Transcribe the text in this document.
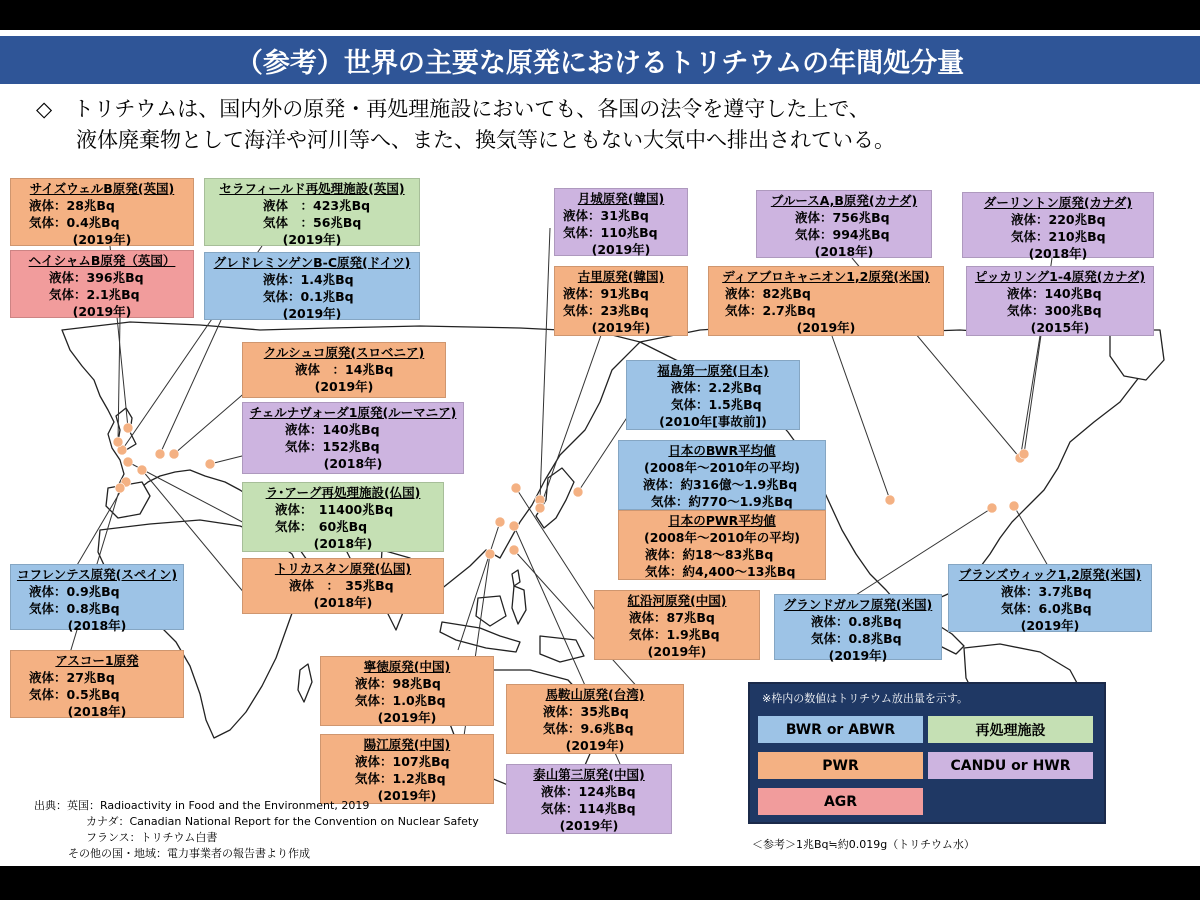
（参考）世界の主要な原発におけるトリチウムの年間処分量
◇ トリチウムは、国内外の原発・再処理施設においても、各国の法令を遵守した上で、
液体廃棄物として海洋や河川等へ、また、換気等にともない大気中へ排出されている。
サイズウェルB原発(英国)
液体：28兆Bq
気体：0.4兆Bq
(2019年)
セラフィールド再処理施設(英国)
液体　：423兆Bq
気体　：56兆Bq
(2019年)
ヘイシャムB原発（英国）
液体：396兆Bq
気体：2.1兆Bq
(2019年)
グレドレミンゲンB-C原発(ドイツ)
液体：1.4兆Bq
気体：0.1兆Bq
(2019年)
クルシュコ原発(スロベニア)
液体　：14兆Bq
(2019年)
チェルナヴォーダ1原発(ルーマニア)
液体：140兆Bq
気体：152兆Bq
(2018年)
ラ･アーグ再処理施設(仏国)
液体：　11400兆Bq
気体：　60兆Bq
(2018年)
トリカスタン原発(仏国)
液体　：　35兆Bq
(2018年)
コフレンテス原発(スペイン)
液体：0.9兆Bq
気体：0.8兆Bq
(2018年)
アスコー1原発
液体：27兆Bq
気体：0.5兆Bq
(2018年)
月城原発(韓国)
液体：31兆Bq
気体：110兆Bq
(2019年)
古里原発(韓国)
液体：91兆Bq
気体：23兆Bq
(2019年)
福島第一原発(日本)
液体：2.2兆Bq
気体：1.5兆Bq
(2010年[事故前])
日本のBWR平均値
(2008年～2010年の平均)
液体：約316億～1.9兆Bq
気体：約770～1.9兆Bq
日本のPWR平均値
(2008年～2010年の平均)
液体：約18～83兆Bq
気体：約4,400～13兆Bq
紅沿河原発(中国)
液体：87兆Bq
気体：1.9兆Bq
(2019年)
寧徳原発(中国)
液体：98兆Bq
気体：1.0兆Bq
(2019年)
陽江原発(中国)
液体：107兆Bq
気体：1.2兆Bq
(2019年)
馬鞍山原発(台湾)
液体：35兆Bq
気体：9.6兆Bq
(2019年)
泰山第三原発(中国)
液体：124兆Bq
気体：114兆Bq
(2019年)
ブルースA,B原発(カナダ)
液体：756兆Bq
気体：994兆Bq
(2018年)
ダーリントン原発(カナダ)
液体：220兆Bq
気体：210兆Bq
(2018年)
ディアブロキャニオン1,2原発(米国)
液体：82兆Bq
気体：2.7兆Bq
(2019年)
ピッカリング1-4原発(カナダ)
液体：140兆Bq
気体：300兆Bq
(2015年)
ブランズウィック1,2原発(米国)
液体：3.7兆Bq
気体：6.0兆Bq
(2019年)
グランドガルフ原発(米国)
液体：0.8兆Bq
気体：0.8兆Bq
(2019年)
※枠内の数値はトリチウム放出量を示す。
BWR or ABWR	再処理施設
PWR	CANDU or HWR
AGR
出典：英国：Radioactivity in Food and the Environment, 2019

カナダ：Canadian National Report for the Convention on Nuclear Safety
フランス：トリチウム白書
その他の国・地域：電力事業者の報告書より作成
＜参考＞1兆Bq≒約0.019g（トリチウム水）
